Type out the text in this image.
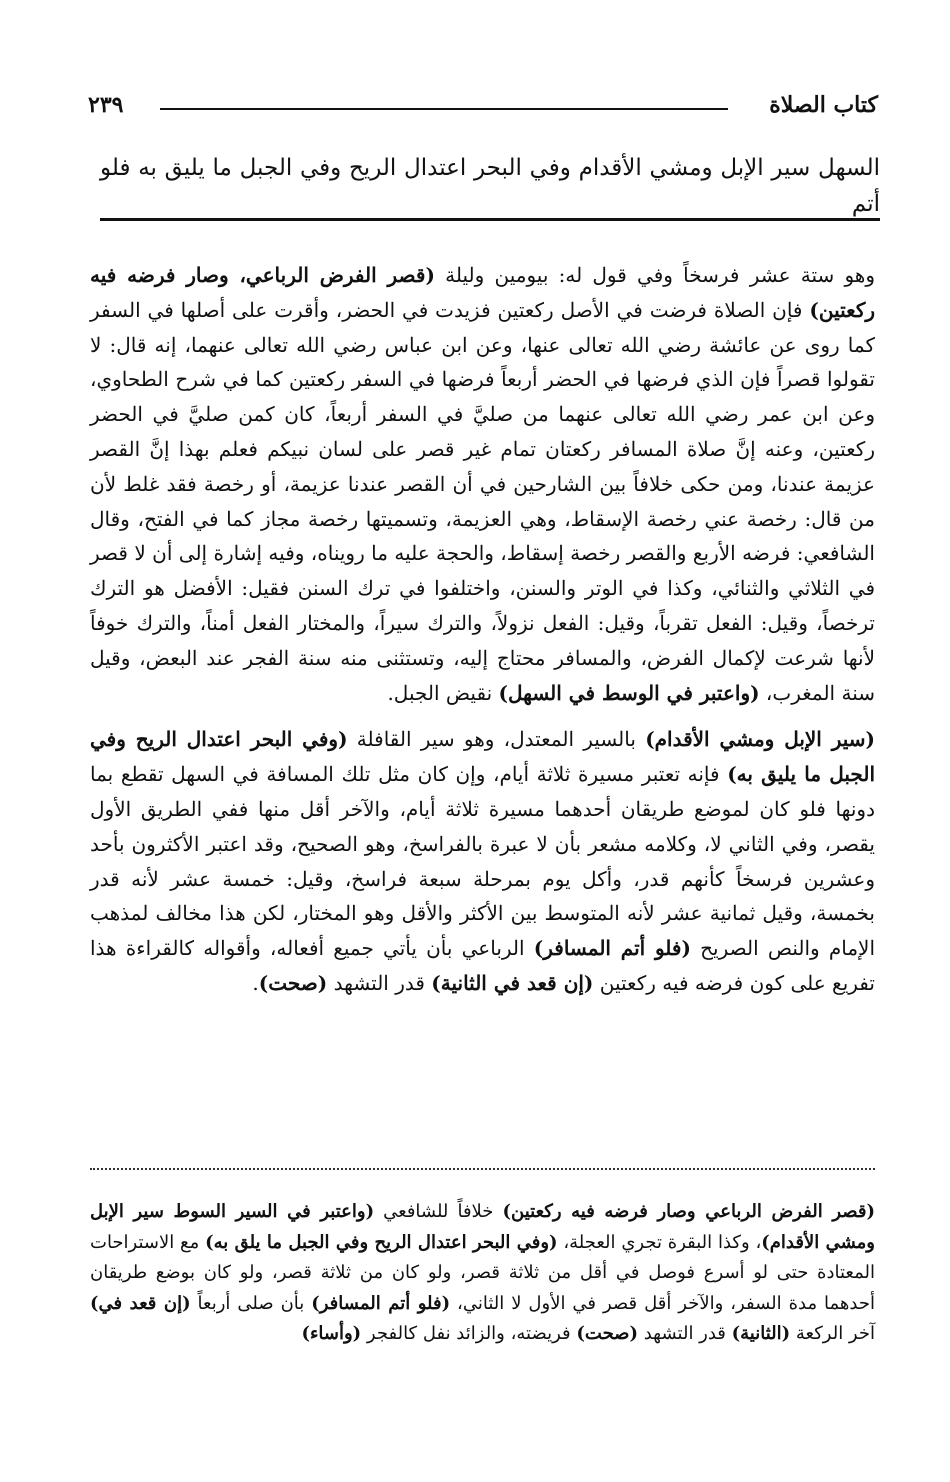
كتاب الصلاة
٢٣٩
السهل سير الإبل ومشي الأقدام وفي البحر اعتدال الريح وفي الجبل ما يليق به فلو أتم

وهو ستة عشر فرسخاً وفي قول له: بيومين وليلة (قصر الفرض الرباعي، وصار فرضه فيه ركعتين) فإن الصلاة فرضت في الأصل ركعتين فزيدت في الحضر، وأقرت على أصلها في السفر كما روى عن عائشة رضي الله تعالى عنها، وعن ابن عباس رضي الله تعالى عنهما، إنه قال: لا تقولوا قصراً فإن الذي فرضها في الحضر أربعاً فرضها في السفر ركعتين كما في شرح الطحاوي، وعن ابن عمر رضي الله تعالى عنهما من صليَّ في السفر أربعاً، كان كمن صليَّ في الحضر ركعتين، وعنه إنَّ صلاة المسافر ركعتان تمام غير قصر على لسان نبيكم فعلم بهذا إنَّ القصر عزيمة عندنا، ومن حكى خلافاً بين الشارحين في أن القصر عندنا عزيمة، أو رخصة فقد غلط لأن من قال: رخصة عني رخصة الإسقاط، وهي العزيمة، وتسميتها رخصة مجاز كما في الفتح، وقال الشافعي: فرضه الأربع والقصر رخصة إسقاط، والحجة عليه ما رويناه، وفيه إشارة إلى أن لا قصر في الثلاثي والثنائي، وكذا في الوتر والسنن، واختلفوا في ترك السنن فقيل: الأفضل هو الترك ترخصاً، وقيل: الفعل تقرباً، وقيل: الفعل نزولاً، والترك سيراً، والمختار الفعل أمناً، والترك خوفاً لأنها شرعت لإكمال الفرض، والمسافر محتاج إليه، وتستثنى منه سنة الفجر عند البعض، وقيل سنة المغرب، (واعتبر في الوسط في السهل) نقيض الجبل.

(سير الإبل ومشي الأقدام) بالسير المعتدل، وهو سير القافلة (وفي البحر اعتدال الريح وفي الجبل ما يليق به) فإنه تعتبر مسيرة ثلاثة أيام، وإن كان مثل تلك المسافة في السهل تقطع بما دونها فلو كان لموضع طريقان أحدهما مسيرة ثلاثة أيام، والآخر أقل منها ففي الطريق الأول يقصر، وفي الثاني لا، وكلامه مشعر بأن لا عبرة بالفراسخ، وهو الصحيح، وقد اعتبر الأكثرون بأحد وعشرين فرسخاً كأنهم قدر، وأكل يوم بمرحلة سبعة فراسخ، وقيل: خمسة عشر لأنه قدر بخمسة، وقيل ثمانية عشر لأنه المتوسط بين الأكثر والأقل وهو المختار، لكن هذا مخالف لمذهب الإمام والنص الصريح (فلو أتم المسافر) الرباعي بأن يأتي جميع أفعاله، وأقواله كالقراءة هذا تفريع على كون فرضه فيه ركعتين (إن قعد في الثانية) قدر التشهد (صحت).

(قصر الفرض الرباعي وصار فرضه فيه ركعتين) خلافاً للشافعي (واعتبر في السير السوط سير الإبل ومشي الأقدام)، وكذا البقرة تجري العجلة، (وفي البحر اعتدال الريح وفي الجبل ما يلق به) مع الاستراحات المعتادة حتى لو أسرع فوصل في أقل من ثلاثة قصر، ولو كان من ثلاثة قصر، ولو كان بوضع طريقان أحدهما مدة السفر، والآخر أقل قصر في الأول لا الثاني، (فلو أتم المسافر) بأن صلى أربعاً (إن قعد في) آخر الركعة (الثانية) قدر التشهد (صحت) فريضته، والزائد نفل كالفجر (وأساء)
